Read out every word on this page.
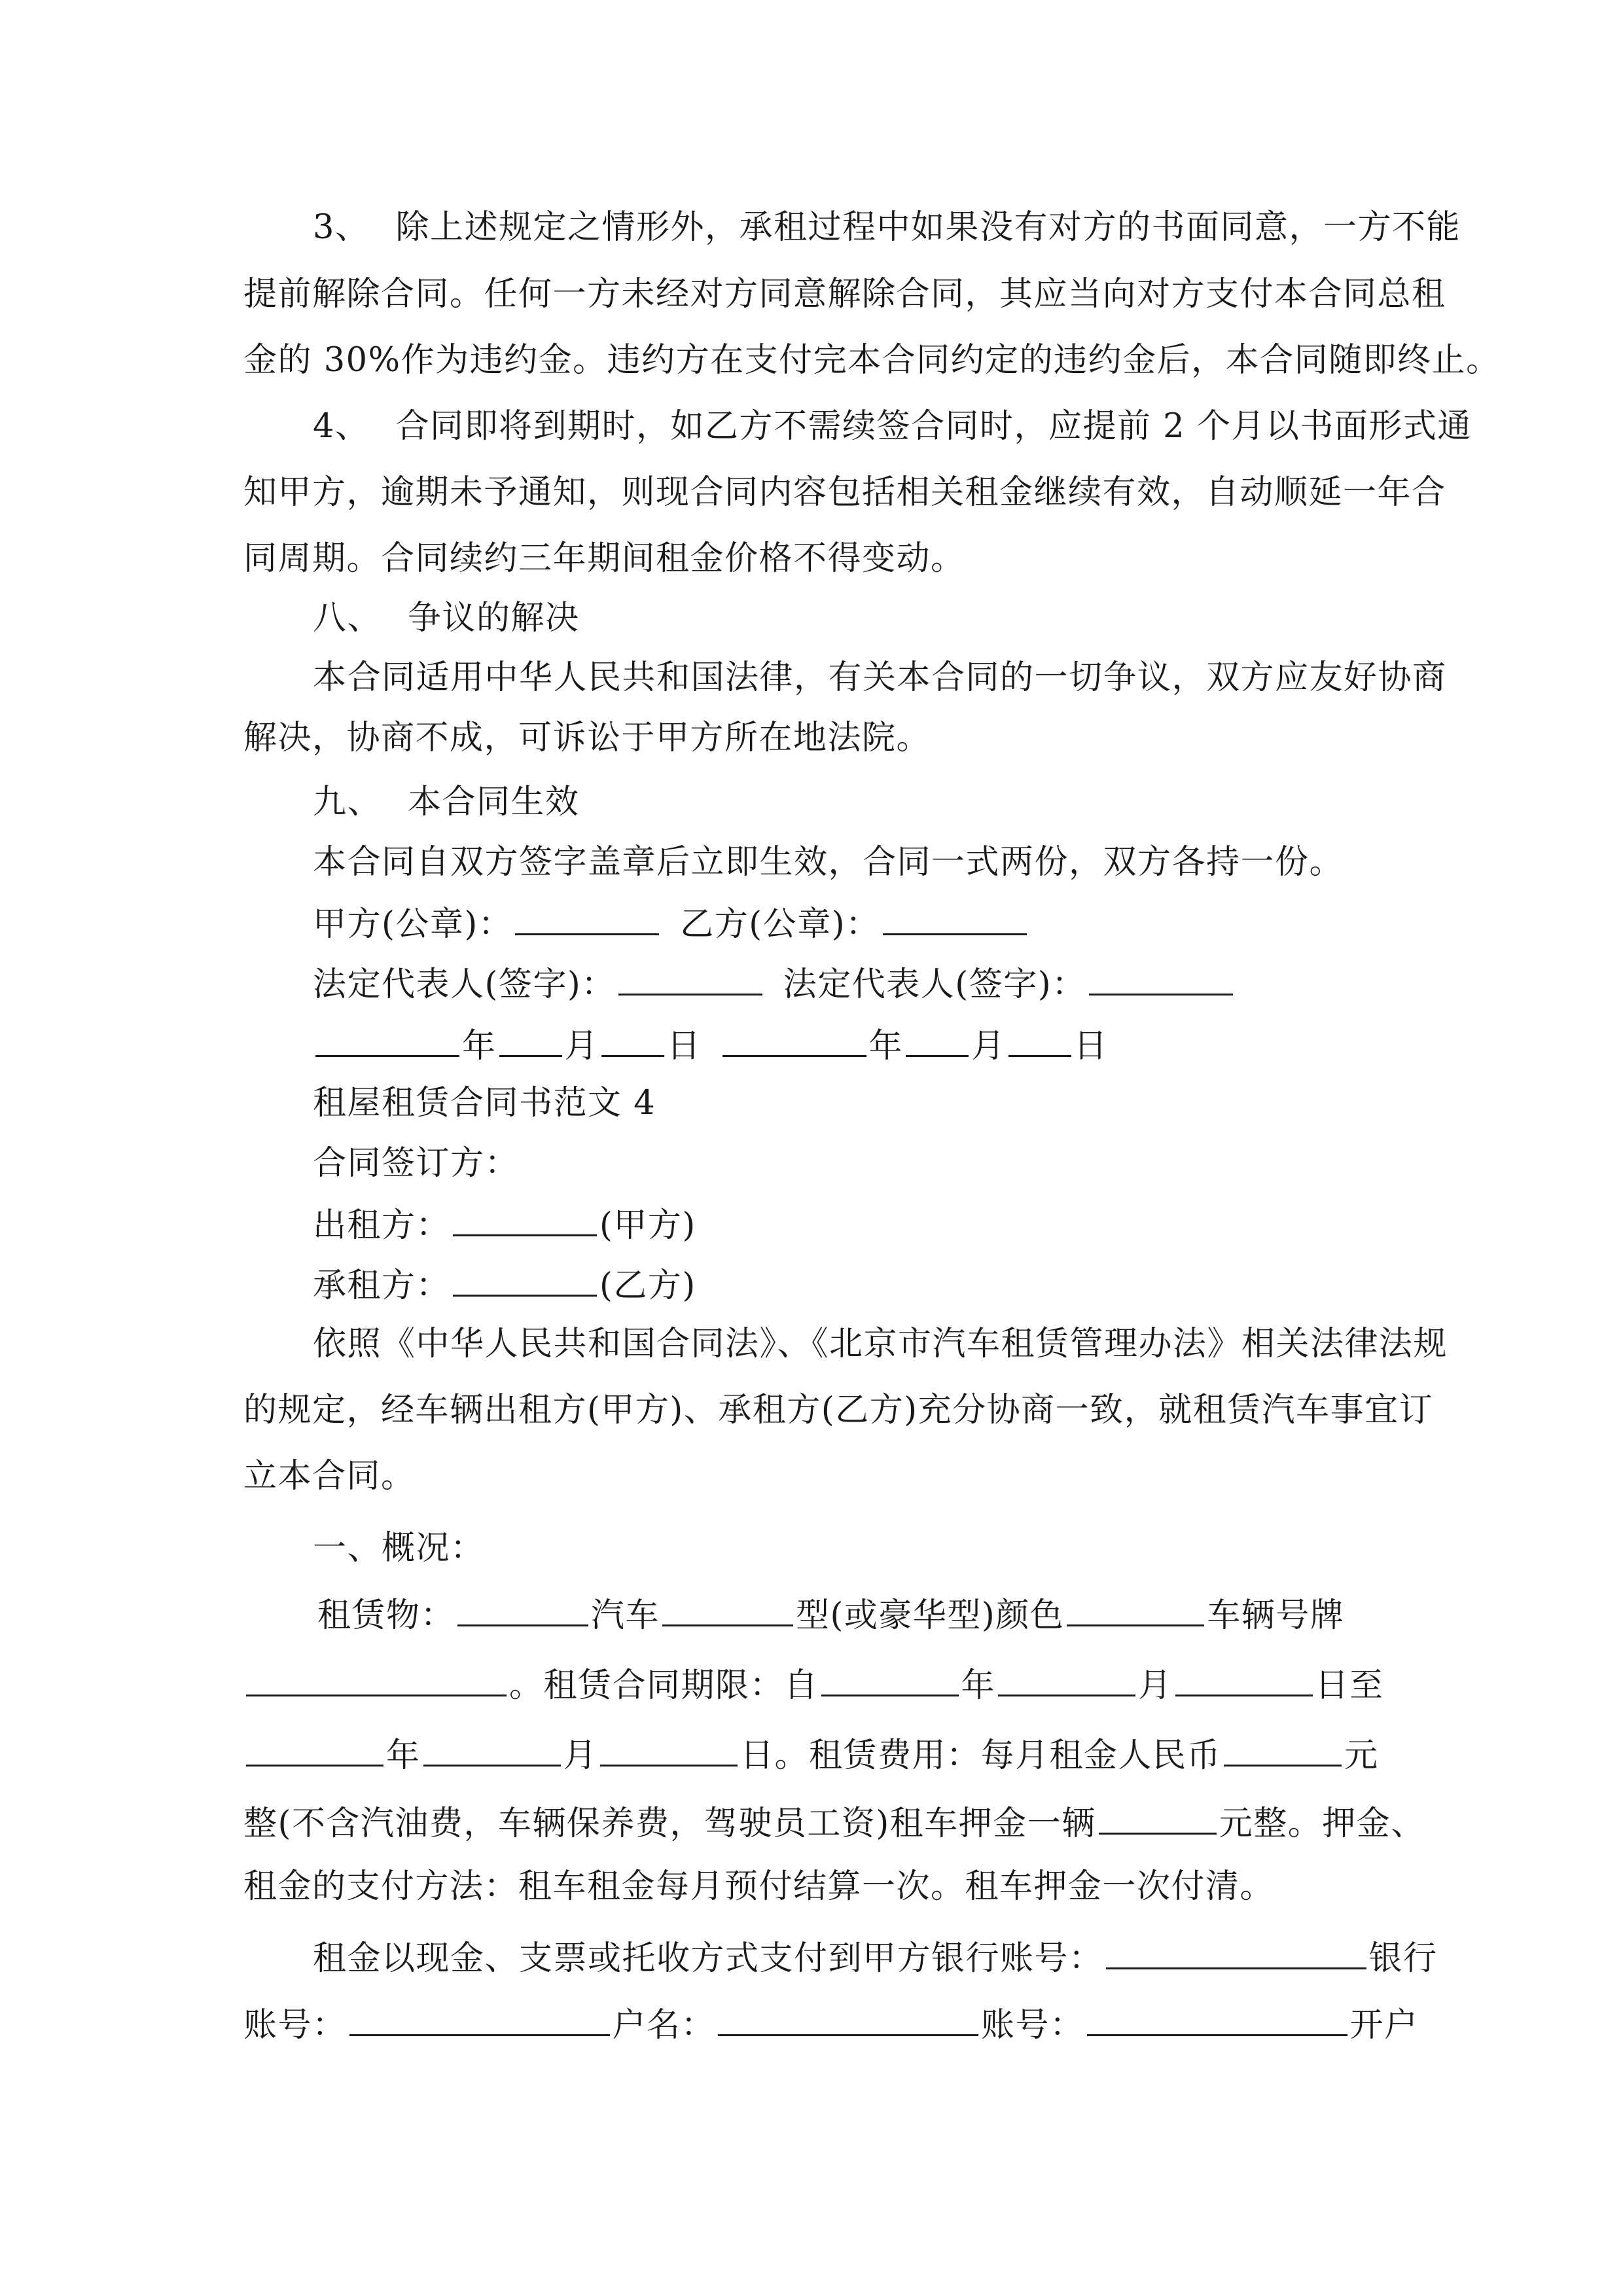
3、 除上述规定之情形外，承租过程中如果没有对方的书面同意，一方不能
提前解除合同。任何一方未经对方同意解除合同，其应当向对方支付本合同总租
金的 30%作为违约金。违约方在支付完本合同约定的违约金后，本合同随即终止。
4、 合同即将到期时，如乙方不需续签合同时，应提前 2 个月以书面形式通
知甲方，逾期未予通知，则现合同内容包括相关租金继续有效，自动顺延一年合
同周期。合同续约三年期间租金价格不得变动。
八、 争议的解决
本合同适用中华人民共和国法律，有关本合同的一切争议，双方应友好协商
解决，协商不成，可诉讼于甲方所在地法院。
九、 本合同生效
本合同自双方签字盖章后立即生效，合同一式两份，双方各持一份。
甲方(公章)：	乙方(公章)：
法定代表人(签字)：	法定代表人(签字)：
年 月 日	年 月 日
租屋租赁合同书范文 4
合同签订方：
出租方：	(甲方)
承租方：	(乙方)
依照《中华人民共和国合同法》、《北京市汽车租赁管理办法》相关法律法规
的规定，经车辆出租方(甲方)、承租方(乙方)充分协商一致，就租赁汽车事宜订
立本合同。
一、概况：
租赁物：	汽车	型(或豪华型)颜色	车辆号牌
。租赁合同期限：自	年	月	日至
年	月	日。租赁费用：每月租金人民币	元
整(不含汽油费，车辆保养费，驾驶员工资)租车押金一辆	元整。押金、
租金的支付方法：租车租金每月预付结算一次。租车押金一次付清。
租金以现金、支票或托收方式支付到甲方银行账号：	银行
账号：	户名：	账号：	开户
